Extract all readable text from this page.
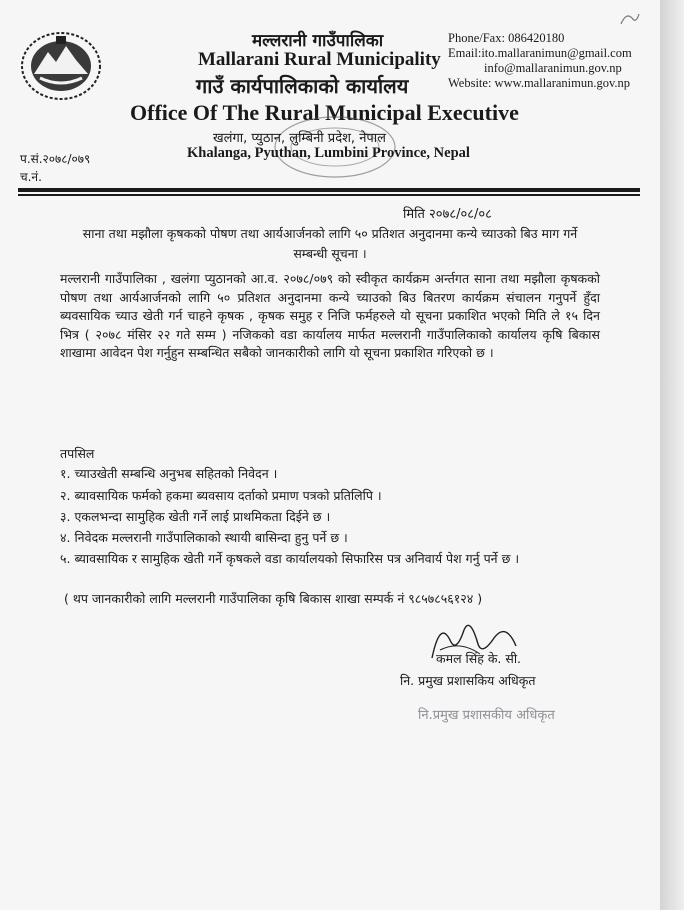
मल्लरानी गाउँपालिका
Mallarani Rural Municipality
गाउँ कार्यपालिकाको कार्यालय
Office Of The Rural Municipal Executive
खलंगा, प्युठान, लुम्बिनी प्रदेश, नेपाल
Khalanga, Pyuthan, Lumbini Province, Nepal
Phone/Fax: 086420180
Email:ito.mallaranimun@gmail.com
info@mallaranimun.gov.np
Website: www.mallaranimun.gov.np
प.सं.२०७८/०७९
च.नं.
मिति २०७८/०८/०८
साना तथा मझौला कृषकको पोषण तथा आर्यआर्जनको लागि ५० प्रतिशत अनुदानमा कन्ये च्याउको बिउ माग गर्ने सम्बन्धी सूचना ।
मल्लरानी गाउँपालिका , खलंगा प्युठानको आ.व. २०७८/०७९ को स्वीकृत कार्यक्रम अर्न्तगत साना तथा मझौला कृषकको पोषण तथा आर्यआर्जनको लागि ५० प्रतिशत अनुदानमा कन्ये च्याउको बिउ बितरण कार्यक्रम संचालन गनुपर्ने हुँदा ब्यवसायिक च्याउ खेती गर्न चाहने कृषक , कृषक समुह र निजि फर्महरुले यो सूचना प्रकाशित भएको मिति ले १५ दिन भित्र ( २०७८ मंसिर २२ गते सम्म ) नजिकको वडा कार्यालय मार्फत मल्लरानी गाउँपालिकाको कार्यालय कृषि बिकास शाखामा आवेदन पेश गर्नुहुन सम्बन्धित सबैको जानकारीको लागि यो सूचना प्रकाशित गरिएको छ ।
तपसिल
१. च्याउखेती सम्बन्धि अनुभब सहितको निवेदन ।
२. ब्यावसायिक फर्मको हकमा ब्यवसाय दर्ताको प्रमाण पत्रको प्रतिलिपि ।
३. एकलभन्दा सामुहिक खेती गर्ने लाई प्राथमिकता दिईने छ ।
४. निवेदक मल्लरानी गाउँपालिकाको स्थायी बासिन्दा हुनु पर्ने छ ।
५. ब्यावसायिक र सामुहिक खेती गर्ने कृषकले वडा कार्यालयको सिफारिस पत्र अनिवार्य पेश गर्नु पर्ने छ ।
( थप जानकारीको लागि मल्लरानी गाउँपालिका कृषि बिकास शाखा सम्पर्क नं ९८५७८५६१२४ )
कमल सिंह के. सी.
नि. प्रमुख प्रशासकिय अधिकृत
नि.प्रमुख प्रशासकीय अधिकृत
